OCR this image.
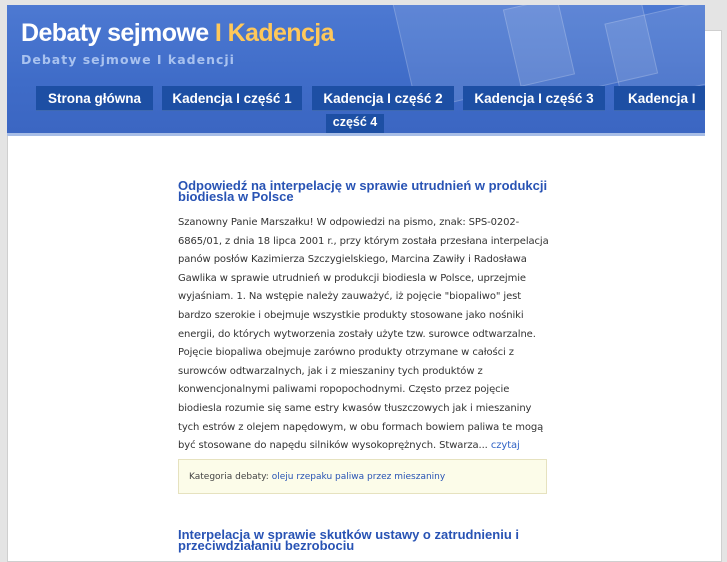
Debaty sejmowe I Kadencja
Debaty sejmowe I kadencji
Strona główna	Kadencja I część 1	Kadencja I część 2	Kadencja I część 3	Kadencja I
część 4
Odpowiedź na interpelację w sprawie utrudnień w produkcji biodiesla w Polsce

Szanowny Panie Marszałku! W odpowiedzi na pismo, znak: SPS-0202-
6865/01, z dnia 18 lipca 2001 r., przy którym została przesłana interpelacja
panów posłów Kazimierza Szczygielskiego, Marcina Zawiły i Radosława
Gawlika w sprawie utrudnień w produkcji biodiesla w Polsce, uprzejmie
wyjaśniam. 1. Na wstępie należy zauważyć, iż pojęcie "biopaliwo" jest
bardzo szerokie i obejmuje wszystkie produkty stosowane jako nośniki
energii, do których wytworzenia zostały użyte tzw. surowce odtwarzalne.
Pojęcie biopaliwa obejmuje zarówno produkty otrzymane w całości z
surowców odtwarzalnych, jak i z mieszaniny tych produktów z
konwencjonalnymi paliwami ropopochodnymi. Często przez pojęcie
biodiesla rozumie się same estry kwasów tłuszczowych jak i mieszaniny
tych estrów z olejem napędowym, w obu formach bowiem paliwa te mogą
być stosowane do napędu silników wysokoprężnych. Stwarza... czytaj

Kategoria debaty: oleju rzepaku paliwa przez mieszaniny
Interpelacja w sprawie skutków ustawy o zatrudnieniu i przeciwdziałaniu bezrobociu
